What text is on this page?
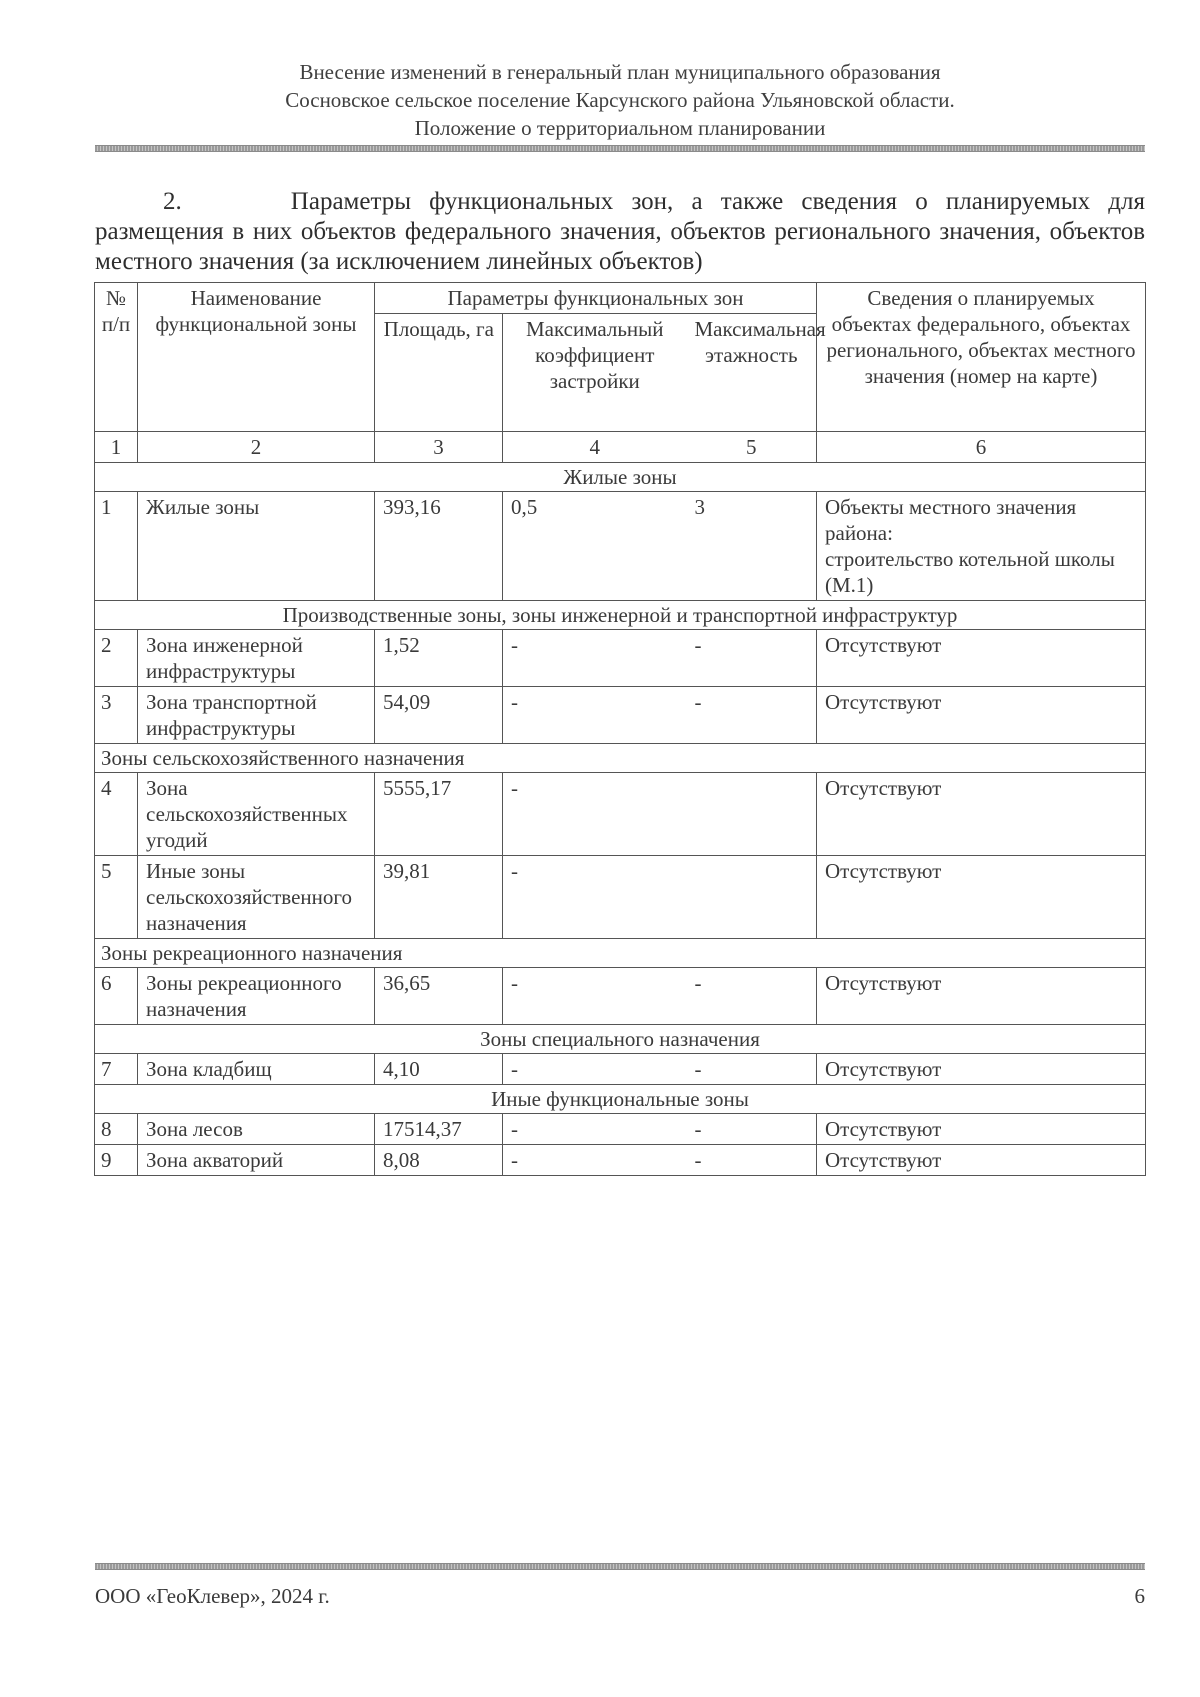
Внесение изменений в генеральный план муниципального образования
Сосновское сельское поселение Карсунского района Ульяновской области.
Положение о территориальном планировании
2.	Параметры функциональных зон, а также сведения о планируемых для
размещения в них объектов федерального значения, объектов регионального значения, объектов местного значения (за исключением линейных объектов)
№ п/п	Наименование функциональной зоны	Параметры функциональных зон			Сведения о планируемых объектах федерального, объектах регионального, объектах местного значения (номер на карте)
		Площадь, га	Максимальный коэффициент застройки	Максимальная этажность	
1	2	3	4	5	6
Жилые зоны					
1	Жилые зоны	393,16	0,5	3	Объекты местного значения района:
строительство котельной школы (М.1)
Производственные зоны, зоны инженерной и транспортной инфраструктур					
2	Зона инженерной инфраструктуры	1,52	-	-	Отсутствуют
3	Зона транспортной инфраструктуры	54,09	-	-	Отсутствуют
Зоны сельскохозяйственного назначения					
4	Зона сельскохозяйственных угодий	5555,17	-		Отсутствуют
5	Иные зоны сельскохозяйственного назначения	39,81	-		Отсутствуют
Зоны рекреационного назначения					
6	Зоны рекреационного назначения	36,65	-	-	Отсутствуют
Зоны специального назначения					
7	Зона кладбищ	4,10	-	-	Отсутствуют
Иные функциональные зоны					
8	Зона лесов	17514,37	-	-	Отсутствуют
9	Зона акваторий	8,08	-	-	Отсутствуют
ООО «ГеоКлевер», 2024 г.	6
